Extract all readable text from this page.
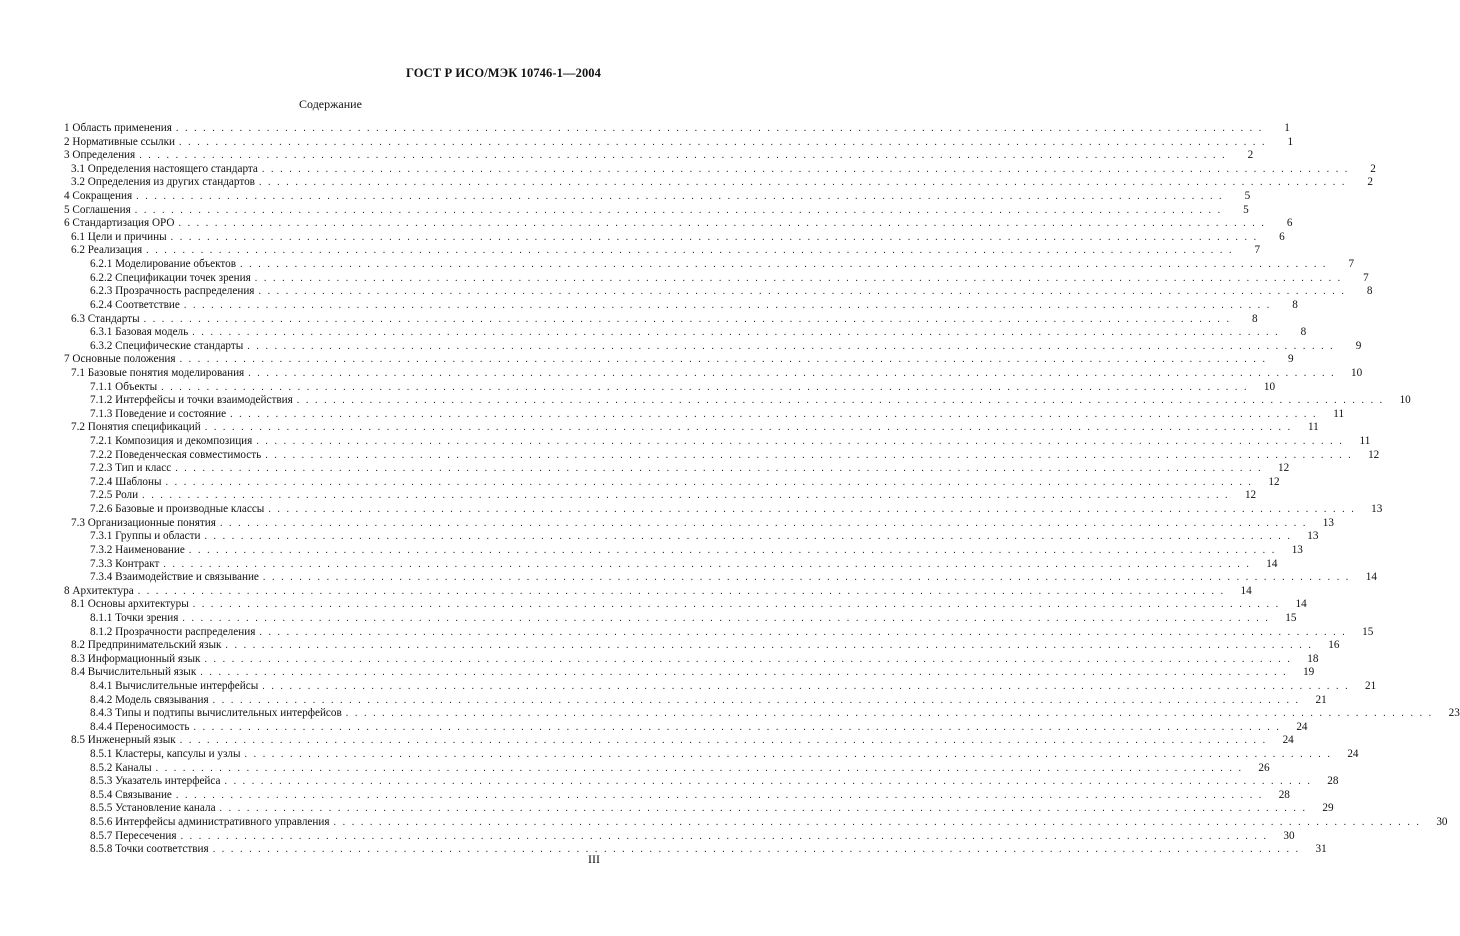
ГОСТ Р ИСО/МЭК 10746-1—2004
Содержание
1 Область применения ........................................................................................................................	1
2 Нормативные ссылки ........................................................................................................................	1
3 Определения ........................................................................................................................	2
3.1 Определения настоящего стандарта ........................................................................................................................	2
3.2 Определения из других стандартов ........................................................................................................................	2
4 Сокращения ........................................................................................................................	5
5 Соглашения ........................................................................................................................	5
6 Стандартизация ОРО ........................................................................................................................	6
6.1 Цели и причины ........................................................................................................................	6
6.2 Реализация ........................................................................................................................	7
6.2.1 Моделирование объектов ........................................................................................................................	7
6.2.2 Спецификации точек зрения ........................................................................................................................	7
6.2.3 Прозрачность распределения ........................................................................................................................	8
6.2.4 Соответствие ........................................................................................................................	8
6.3 Стандарты ........................................................................................................................	8
6.3.1 Базовая модель ........................................................................................................................	8
6.3.2 Специфические стандарты ........................................................................................................................	9
7 Основные положения ........................................................................................................................	9
7.1 Базовые понятия моделирования ........................................................................................................................ 10
7.1.1 Объекты ........................................................................................................................ 10
7.1.2 Интерфейсы и точки взаимодействия ........................................................................................................................ 10
7.1.3 Поведение и состояние ........................................................................................................................	11
7.2 Понятия спецификаций ........................................................................................................................	11
7.2.1 Композиция и декомпозиция ........................................................................................................................	11
7.2.2 Поведенческая совместимость ........................................................................................................................ 12
7.2.3 Тип и класс ........................................................................................................................ 12
7.2.4 Шаблоны ........................................................................................................................ 12
7.2.5 Роли ........................................................................................................................ 12
7.2.6 Базовые и производные классы ........................................................................................................................ 13
7.3 Организационные понятия ........................................................................................................................ 13
7.3.1 Группы и области ........................................................................................................................ 13
7.3.2 Наименование ........................................................................................................................ 13
7.3.3 Контракт ........................................................................................................................ 14
7.3.4 Взаимодействие и связывание ........................................................................................................................ 14
8 Архитектура ........................................................................................................................ 14
8.1 Основы архитектуры ........................................................................................................................ 14
8.1.1 Точки зрения ........................................................................................................................ 15
8.1.2 Прозрачности распределения ........................................................................................................................ 15
8.2 Предпринимательский язык ........................................................................................................................ 16
8.3 Информационный язык ........................................................................................................................ 18
8.4 Вычислительный язык ........................................................................................................................ 19
8.4.1 Вычислительные интерфейсы ........................................................................................................................ 21
8.4.2 Модель связывания ........................................................................................................................ 21
8.4.3 Типы и подтипы вычислительных интерфейсов ........................................................................................................................ 23
8.4.4 Переносимость ........................................................................................................................ 24
8.5 Инженерный язык ........................................................................................................................ 24
8.5.1 Кластеры, капсулы и узлы ........................................................................................................................ 24
8.5.2 Каналы ........................................................................................................................ 26
8.5.3 Указатель интерфейса ........................................................................................................................ 28
8.5.4 Связывание ........................................................................................................................ 28
8.5.5 Установление канала ........................................................................................................................ 29
8.5.6 Интерфейсы административного управления ........................................................................................................................ 30
8.5.7 Пересечения ........................................................................................................................ 30
8.5.8 Точки соответствия ........................................................................................................................ 31
III
